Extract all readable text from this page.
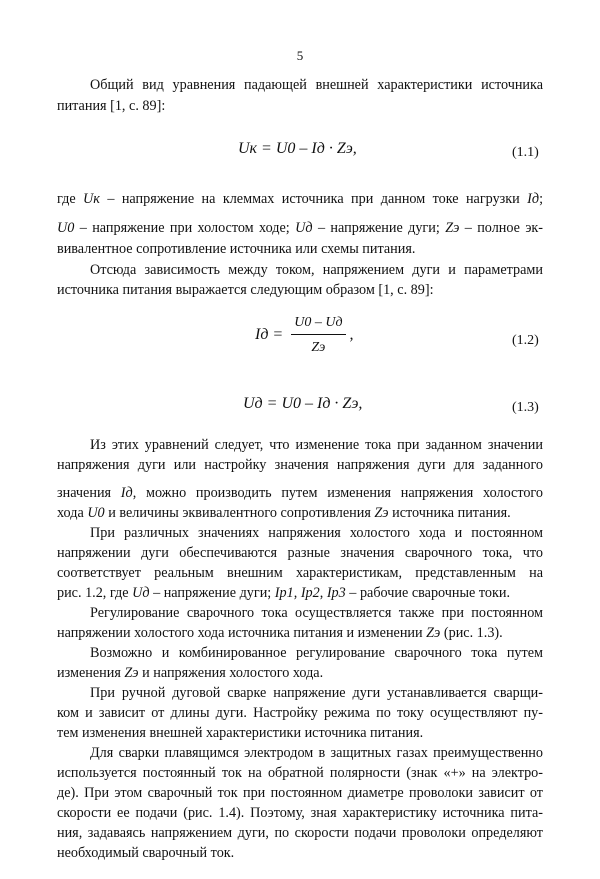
5
Общий вид уравнения падающей внешней характеристики источника
питания [1, с. 89]:
Uк = U0 – Iд · Zэ,	(1.1)
где Uк – напряжение на клеммах источника при данном токе нагрузки Iд;
U0 – напряжение при холостом ходе; Uд – напряжение дуги; Zэ – полное эк-
вивалентное сопротивление источника или схемы питания.
Отсюда зависимость между током, напряжением дуги и параметрами
источника питания выражается следующим образом [1, с. 89]:
Iд = $\frac{U0 - Uд}{Zэ}$ ,	(1.2)
Uд = U0 – Iд · Zэ,	(1.3)
Из этих уравнений следует, что изменение тока при заданном значении
напряжения дуги или настройку значения напряжения дуги для заданного
значения Iд, можно производить путем изменения напряжения холостого
хода U0 и величины эквивалентного сопротивления Zэ источника питания.
При различных значениях напряжения холостого хода и постоянном
напряжении дуги обеспечиваются разные значения сварочного тока, что
соответствует реальным внешним характеристикам, представленным на
рис. 1.2, где Uд – напряжение дуги; Iр1, Iр2, Iр3 – рабочие сварочные токи.
Регулирование сварочного тока осуществляется также при постоянном
напряжении холостого хода источника питания и изменении Zэ (рис. 1.3).
Возможно и комбинированное регулирование сварочного тока путем
изменения Zэ и напряжения холостого хода.
При ручной дуговой сварке напряжение дуги устанавливается сварщи-
ком и зависит от длины дуги. Настройку режима по току осуществляют пу-
тем изменения внешней характеристики источника питания.
Для сварки плавящимся электродом в защитных газах преимущественно
используется постоянный ток на обратной полярности (знак «+» на электро-
де). При этом сварочный ток при постоянном диаметре проволоки зависит от
скорости ее подачи (рис. 1.4). Поэтому, зная характеристику источника пита-
ния, задаваясь напряжением дуги, по скорости подачи проволоки определяют
необходимый сварочный ток.
